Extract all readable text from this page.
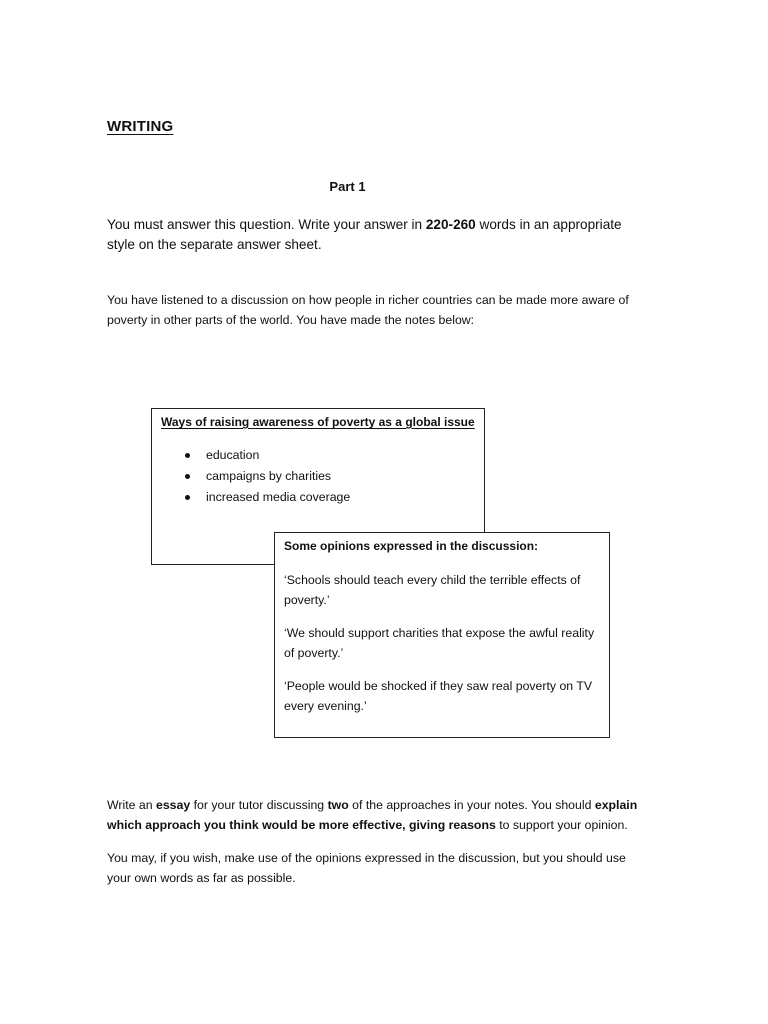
WRITING
Part 1
You must answer this question. Write your answer in 220-260 words in an appropriate style on the separate answer sheet.
You have listened to a discussion on how people in richer countries can be made more aware of poverty in other parts of the world. You have made the notes below:
Ways of raising awareness of poverty as a global issue
education
campaigns by charities
increased media coverage
Some opinions expressed in the discussion:
‘Schools should teach every child the terrible effects of poverty.’
‘We should support charities that expose the awful reality of poverty.’
‘People would be shocked if they saw real poverty on TV every evening.’
Write an essay for your tutor discussing two of the approaches in your notes. You should explain which approach you think would be more effective, giving reasons to support your opinion.
You may, if you wish, make use of the opinions expressed in the discussion, but you should use your own words as far as possible.
